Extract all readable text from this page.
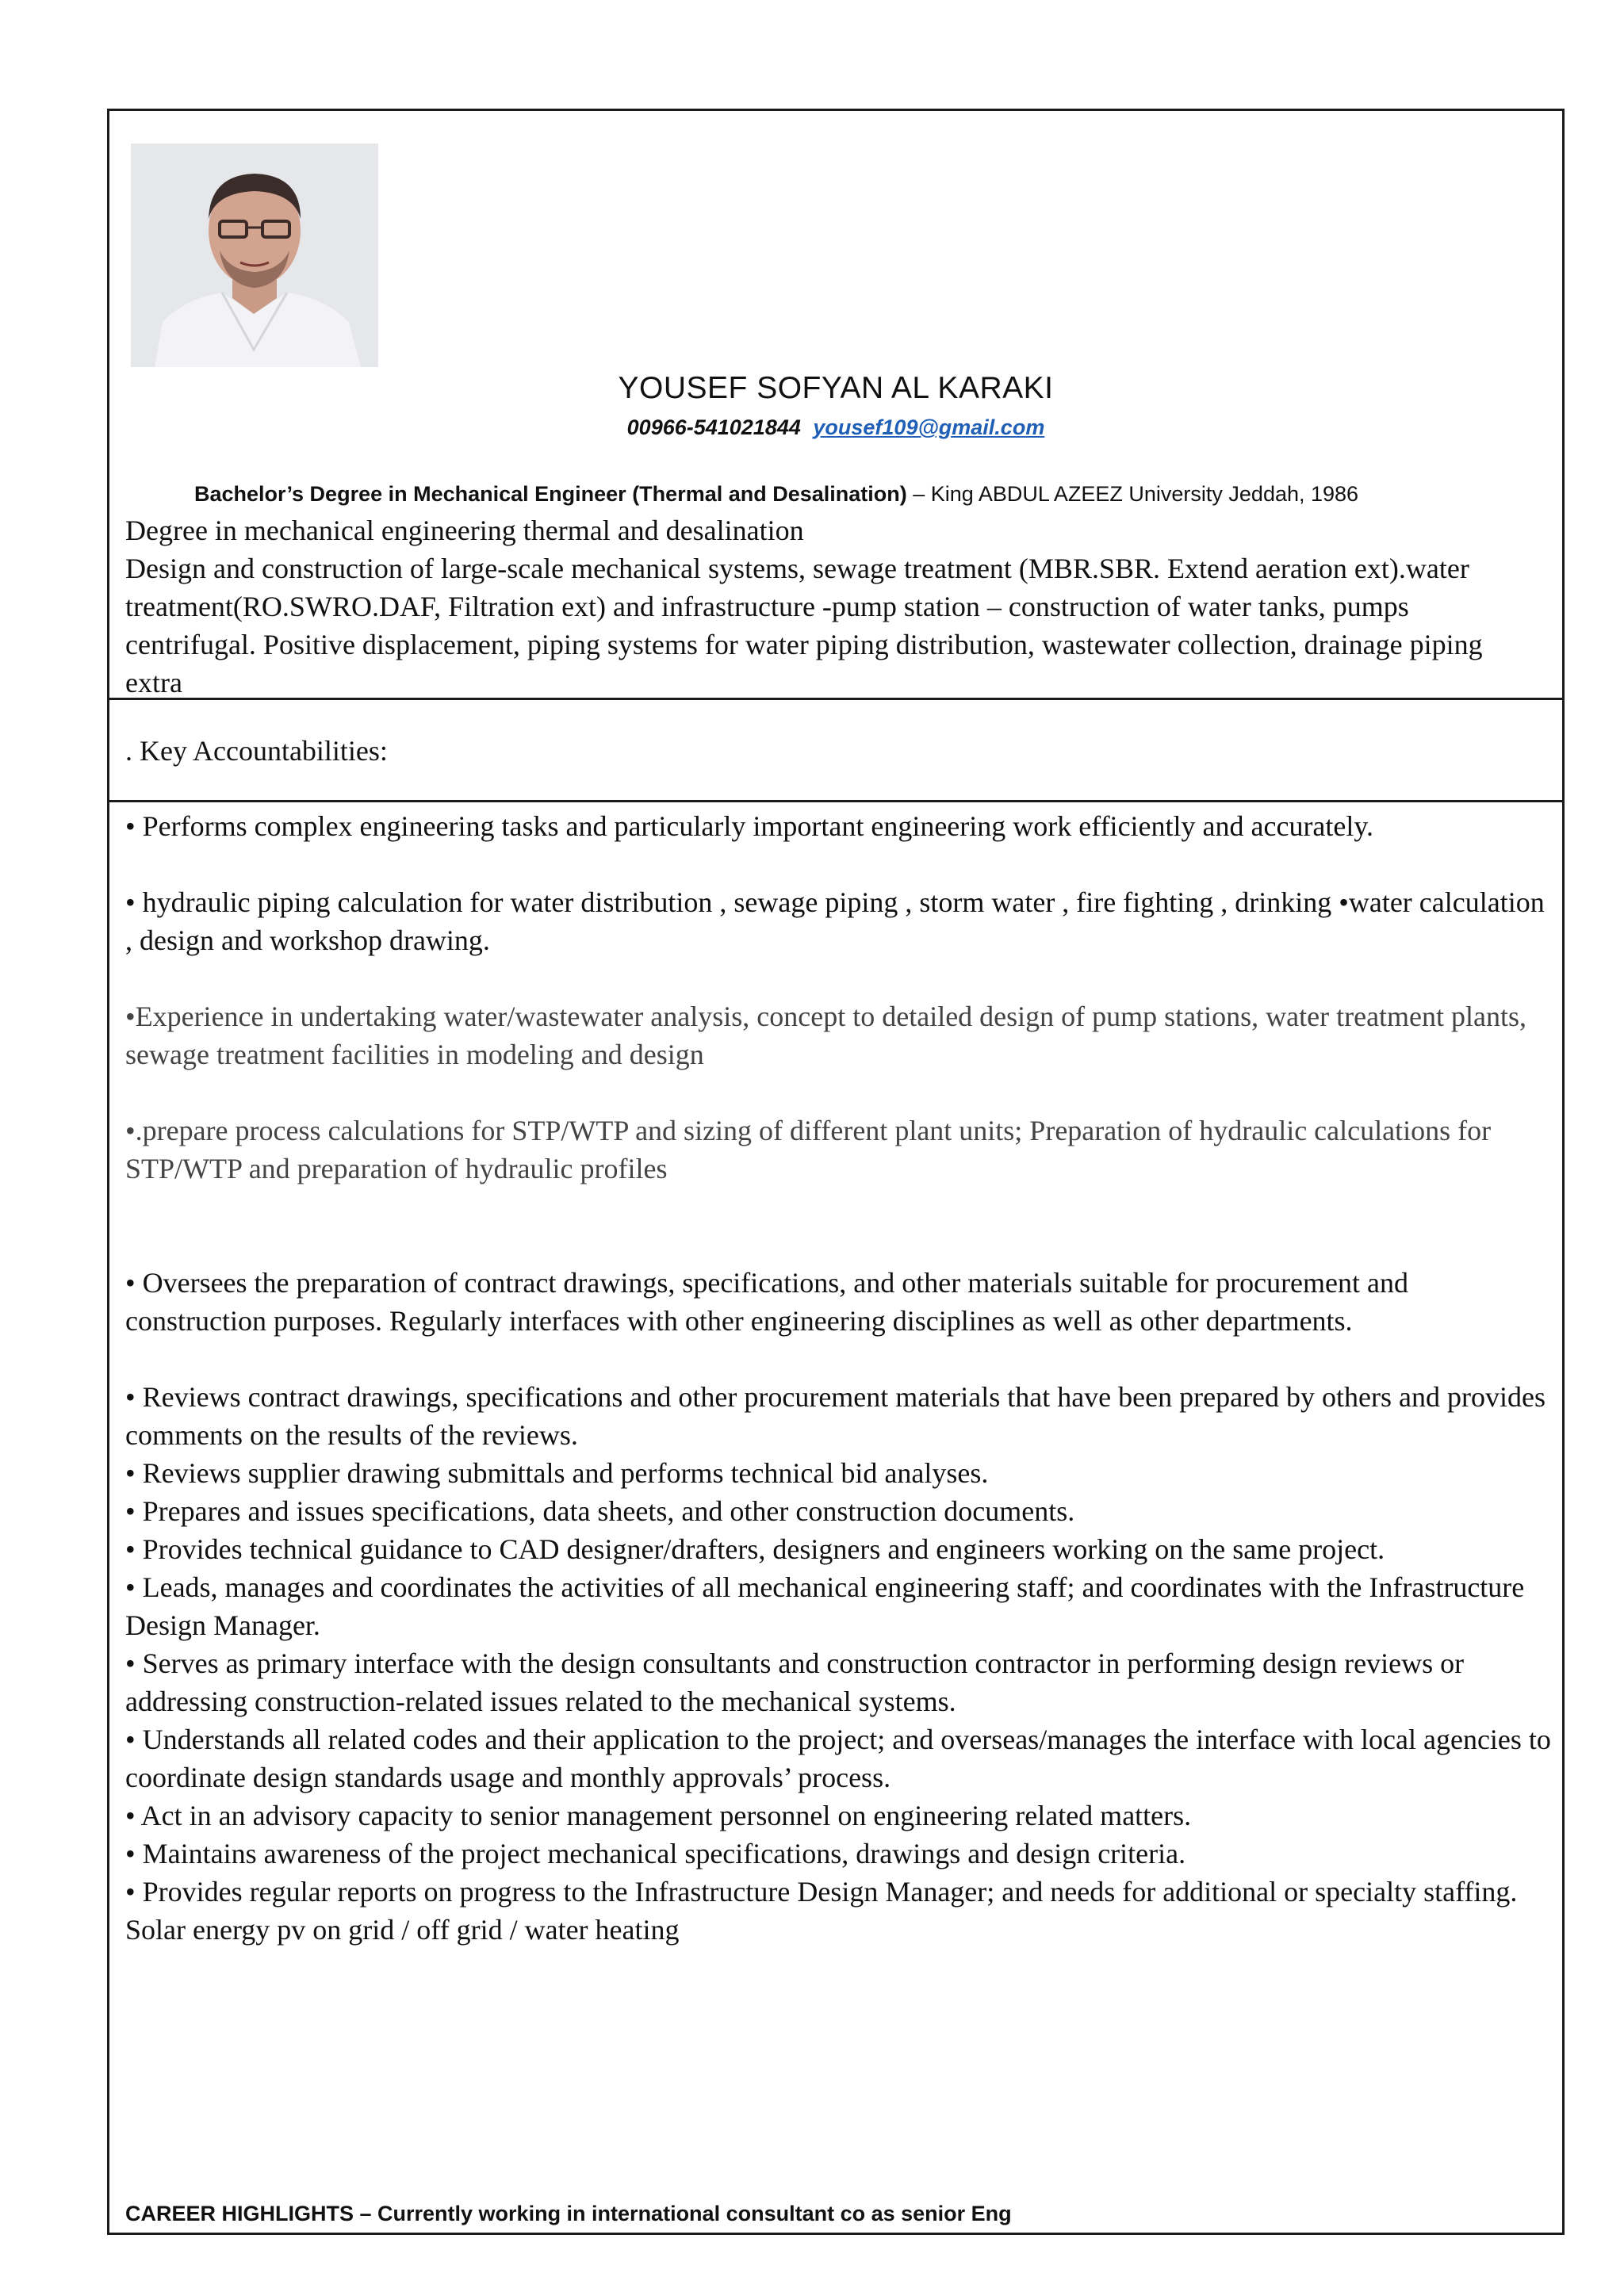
YOUSEF SOFYAN AL KARAKI
00966-541021844 yousef109@gmail.com
Bachelor’s Degree in Mechanical Engineer (Thermal and Desalination) – King ABDUL AZEEZ University Jeddah, 1986

Degree in mechanical engineering thermal and desalination

Design and construction of large-scale mechanical systems, sewage treatment (MBR.SBR. Extend aeration ext).water treatment(RO.SWRO.DAF, Filtration ext) and infrastructure -pump station – construction of water tanks, pumps centrifugal. Positive displacement, piping systems for water piping distribution, wastewater collection, drainage piping extra

. Key Accountabilities:

• Performs complex engineering tasks and particularly important engineering work efficiently and accurately.

• hydraulic piping calculation for water distribution , sewage piping , storm water , fire fighting , drinking •water calculation , design and workshop drawing.

•Experience in undertaking water/wastewater analysis, concept to detailed design of pump stations, water treatment plants, sewage treatment facilities in modeling and design

•.prepare process calculations for STP/WTP and sizing of different plant units; Preparation of hydraulic calculations for STP/WTP and preparation of hydraulic profiles

• Oversees the preparation of contract drawings, specifications, and other materials suitable for procurement and construction purposes. Regularly interfaces with other engineering disciplines as well as other departments.

• Reviews contract drawings, specifications and other procurement materials that have been prepared by others and provides comments on the results of the reviews.

• Reviews supplier drawing submittals and performs technical bid analyses.

• Prepares and issues specifications, data sheets, and other construction documents.

• Provides technical guidance to CAD designer/drafters, designers and engineers working on the same project.

• Leads, manages and coordinates the activities of all mechanical engineering staff; and coordinates with the Infrastructure Design Manager.

• Serves as primary interface with the design consultants and construction contractor in performing design reviews or addressing construction-related issues related to the mechanical systems.

• Understands all related codes and their application to the project; and overseas/manages the interface with local agencies to coordinate design standards usage and monthly approvals’ process.

• Act in an advisory capacity to senior management personnel on engineering related matters.

• Maintains awareness of the project mechanical specifications, drawings and design criteria.

• Provides regular reports on progress to the Infrastructure Design Manager; and needs for additional or specialty staffing.

Solar energy pv on grid / off grid / water heating

CAREER HIGHLIGHTS – Currently working in international consultant co as senior Eng
